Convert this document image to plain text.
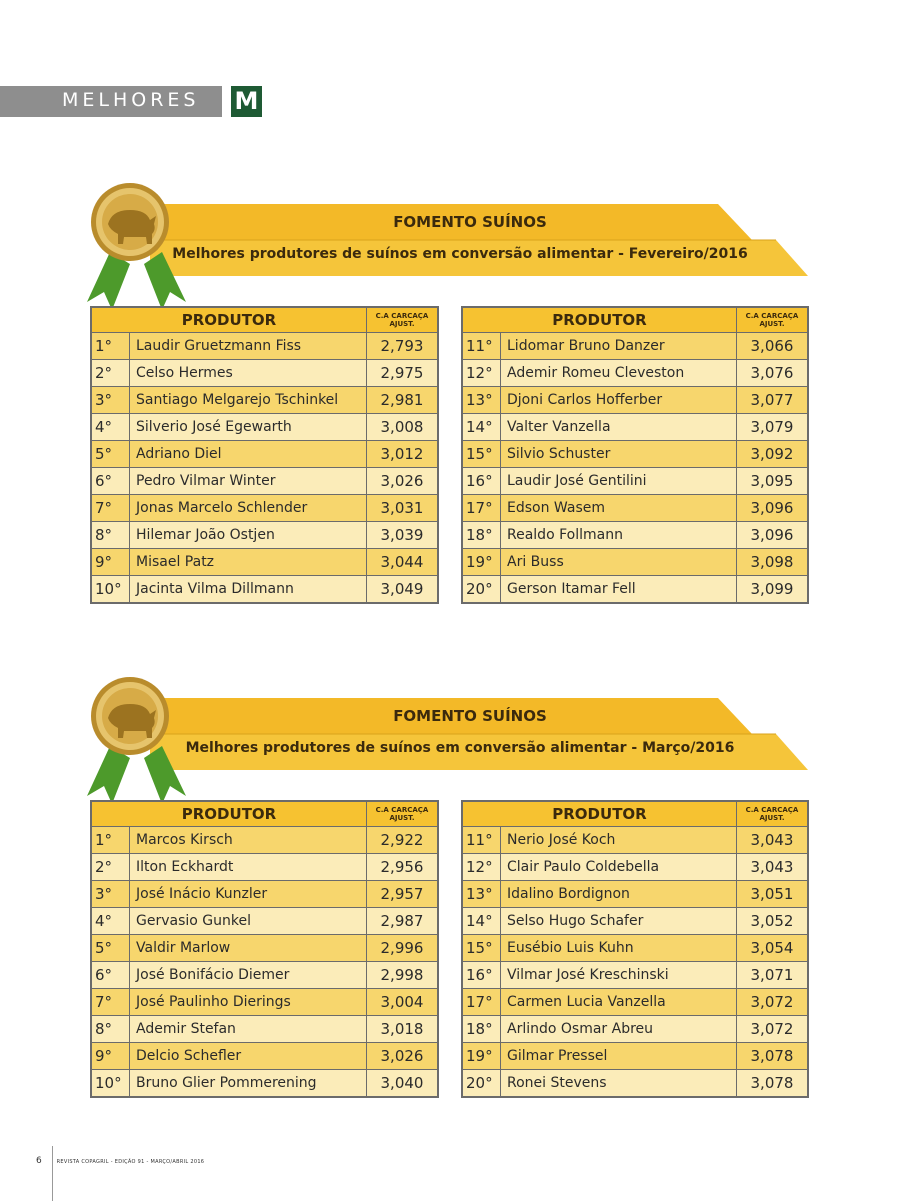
MELHORES M
FOMENTO SUÍNOS
Melhores produtores de suínos em conversão alimentar - Fevereiro/2016
PRODUTOR		C.A CARCAÇA AJUST.
1°	Laudir Gruetzmann Fiss	2,793
2°	Celso Hermes	2,975
3°	Santiago Melgarejo Tschinkel	2,981
4°	Silverio José Egewarth	3,008
5°	Adriano Diel	3,012
6°	Pedro Vilmar Winter	3,026
7°	Jonas Marcelo Schlender	3,031
8°	Hilemar João Ostjen	3,039
9°	Misael Patz	3,044
10°	Jacinta Vilma Dillmann	3,049
PRODUTOR		C.A CARCAÇA AJUST.
11°	Lidomar Bruno Danzer	3,066
12°	Ademir Romeu Cleveston	3,076
13°	Djoni Carlos Hofferber	3,077
14°	Valter Vanzella	3,079
15°	Silvio Schuster	3,092
16°	Laudir José Gentilini	3,095
17°	Edson Wasem	3,096
18°	Realdo Follmann	3,096
19°	Ari Buss	3,098
20°	Gerson Itamar Fell	3,099
FOMENTO SUÍNOS
Melhores produtores de suínos em conversão alimentar - Março/2016
PRODUTOR		C.A CARCAÇA AJUST.
1°	Marcos Kirsch	2,922
2°	Ilton Eckhardt	2,956
3°	José Inácio Kunzler	2,957
4°	Gervasio Gunkel	2,987
5°	Valdir Marlow	2,996
6°	José Bonifácio Diemer	2,998
7°	José Paulinho Dierings	3,004
8°	Ademir Stefan	3,018
9°	Delcio Schefler	3,026
10°	Bruno Glier Pommerening	3,040
PRODUTOR		C.A CARCAÇA AJUST.
11°	Nerio José Koch	3,043
12°	Clair Paulo Coldebella	3,043
13°	Idalino Bordignon	3,051
14°	Selso Hugo Schafer	3,052
15°	Eusébio Luis Kuhn	3,054
16°	Vilmar José Kreschinski	3,071
17°	Carmen Lucia Vanzella	3,072
18°	Arlindo Osmar Abreu	3,072
19°	Gilmar Pressel	3,078
20°	Ronei Stevens	3,078
6	REVISTA COPAGRIL - EDIÇÃO 91 - MARÇO/ABRIL 2016
